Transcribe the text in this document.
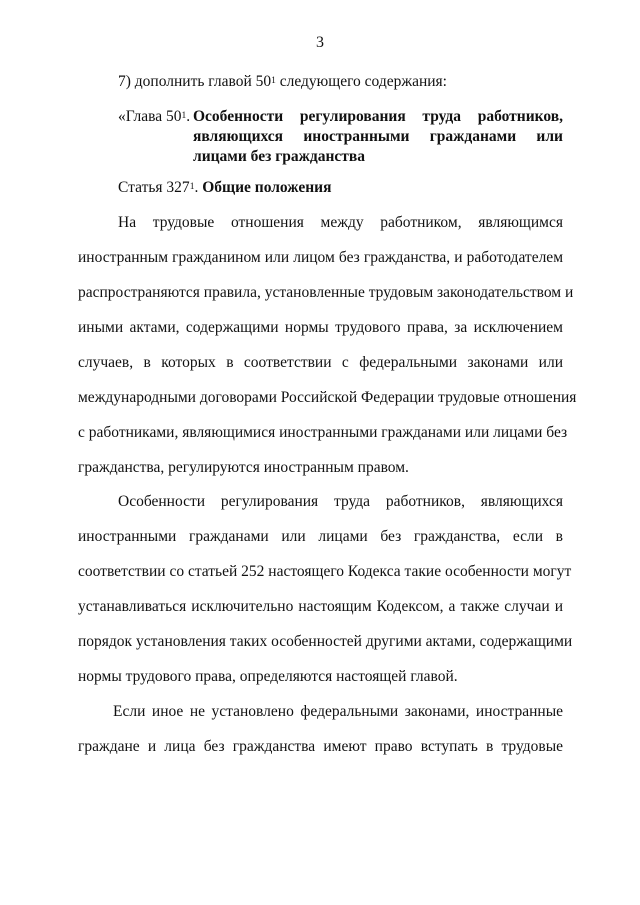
3
7) дополнить главой $50^1$ следующего содержания:
«Глава $50^1$. Особенности регулирования труда работников,
являющихся иностранными гражданами или
лицами без гражданства
Статья $327^1$. Общие положения
На трудовые отношения между работником, являющимся
иностранным гражданином или лицом без гражданства, и работодателем
распространяются правила, установленные трудовым законодательством и
иными актами, содержащими нормы трудового права, за исключением
случаев, в которых в соответствии с федеральными законами или
международными договорами Российской Федерации трудовые отношения
с работниками, являющимися иностранными гражданами или лицами без
гражданства, регулируются иностранным правом.
Особенности регулирования труда работников, являющихся
иностранными гражданами или лицами без гражданства, если в
соответствии со статьей 252 настоящего Кодекса такие особенности могут
устанавливаться исключительно настоящим Кодексом, а также случаи и
порядок установления таких особенностей другими актами, содержащими
нормы трудового права, определяются настоящей главой.
Если иное не установлено федеральными законами, иностранные
граждане и лица без гражданства имеют право вступать в трудовые
